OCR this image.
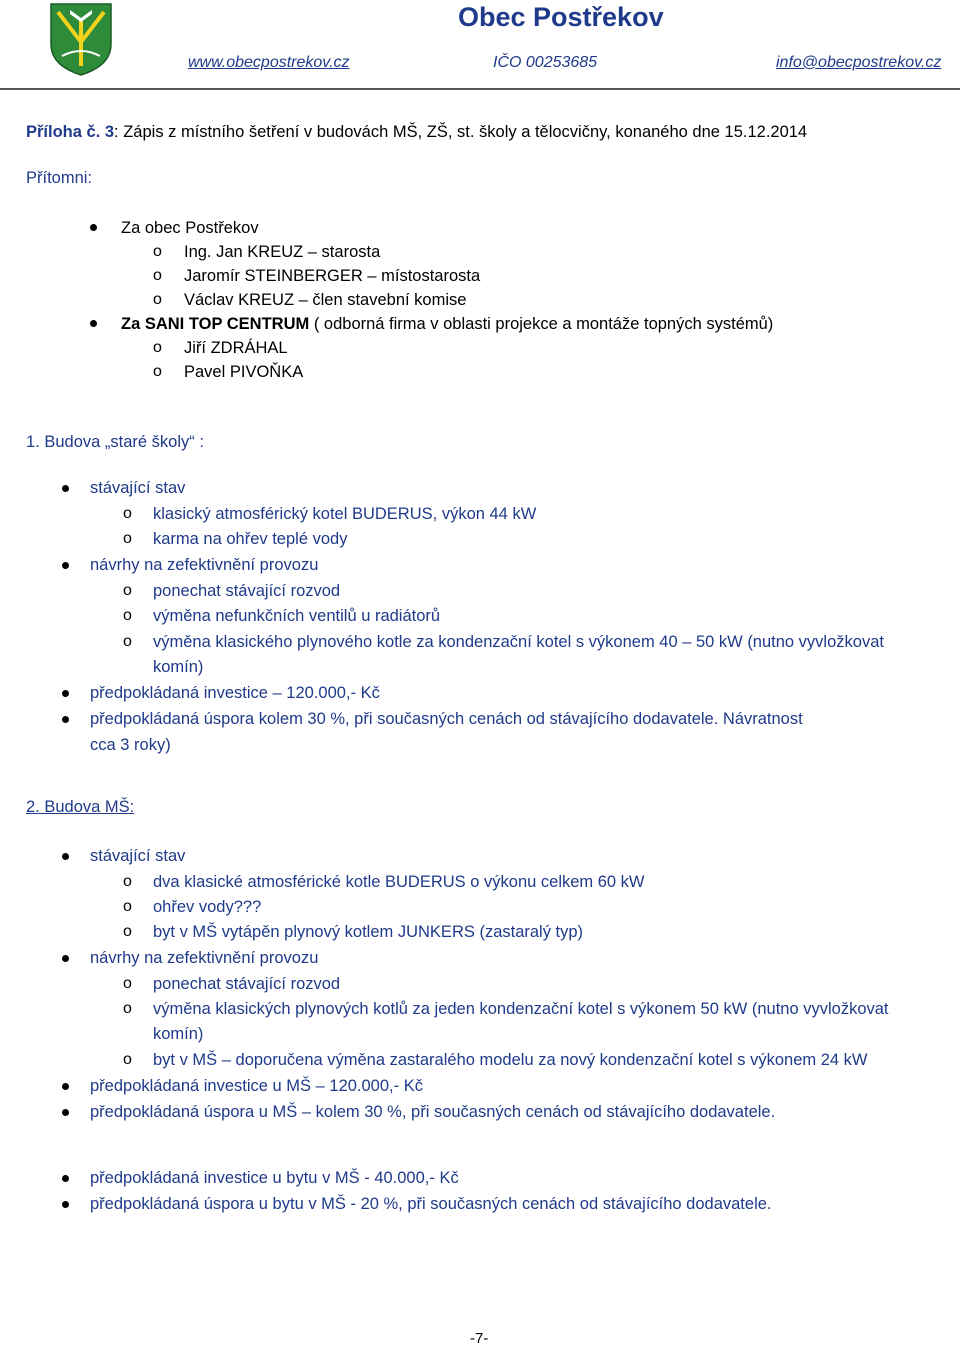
Obec Postřekov
www.obecpostrekov.cz	IČO 00253685	info@obecpostrekov.cz
Příloha č. 3: Zápis z místního šetření v budovách MŠ, ZŠ, st. školy a tělocvičny, konaného dne 15.12.2014
Přítomni:
Za obec Postřekov
o Ing. Jan KREUZ – starosta
o Jaromír STEINBERGER – místostarosta
o Václav KREUZ – člen stavební komise
Za SANI TOP CENTRUM ( odborná firma v oblasti projekce a montáže topných systémů)
o Jiří ZDRÁHAL
o Pavel PIVOŇKA
1. Budova „staré školy“ :
stávající stav
o klasický atmosférický kotel BUDERUS, výkon 44 kW
o karma na ohřev teplé vody
návrhy na zefektivnění provozu
o ponechat stávající rozvod
o výměna nefunkčních ventilů u radiátorů
o výměna klasického plynového kotle za kondenzační kotel s výkonem 40 – 50 kW (nutno vyvložkovat
komín)
předpokládaná investice – 120.000,- Kč
předpokládaná úspora kolem 30 %, při současných cenách od stávajícího dodavatele. Návratnost
cca 3 roky)
2. Budova MŠ:
stávající stav
o dva klasické atmosférické kotle BUDERUS o výkonu celkem 60 kW
o ohřev vody???
o byt v MŠ vytápěn plynový kotlem JUNKERS (zastaralý typ)
návrhy na zefektivnění provozu
o ponechat stávající rozvod
o výměna klasických plynových kotlů za jeden kondenzační kotel s výkonem 50 kW (nutno vyvložkovat
komín)
o byt v MŠ – doporučena výměna zastaralého modelu za nový kondenzační kotel s výkonem 24 kW
předpokládaná investice u MŠ – 120.000,- Kč
předpokládaná úspora u MŠ – kolem 30 %, při současných cenách od stávajícího dodavatele.
předpokládaná investice u bytu v MŠ - 40.000,- Kč
předpokládaná úspora u bytu v MŠ - 20 %, při současných cenách od stávajícího dodavatele.
-7-
